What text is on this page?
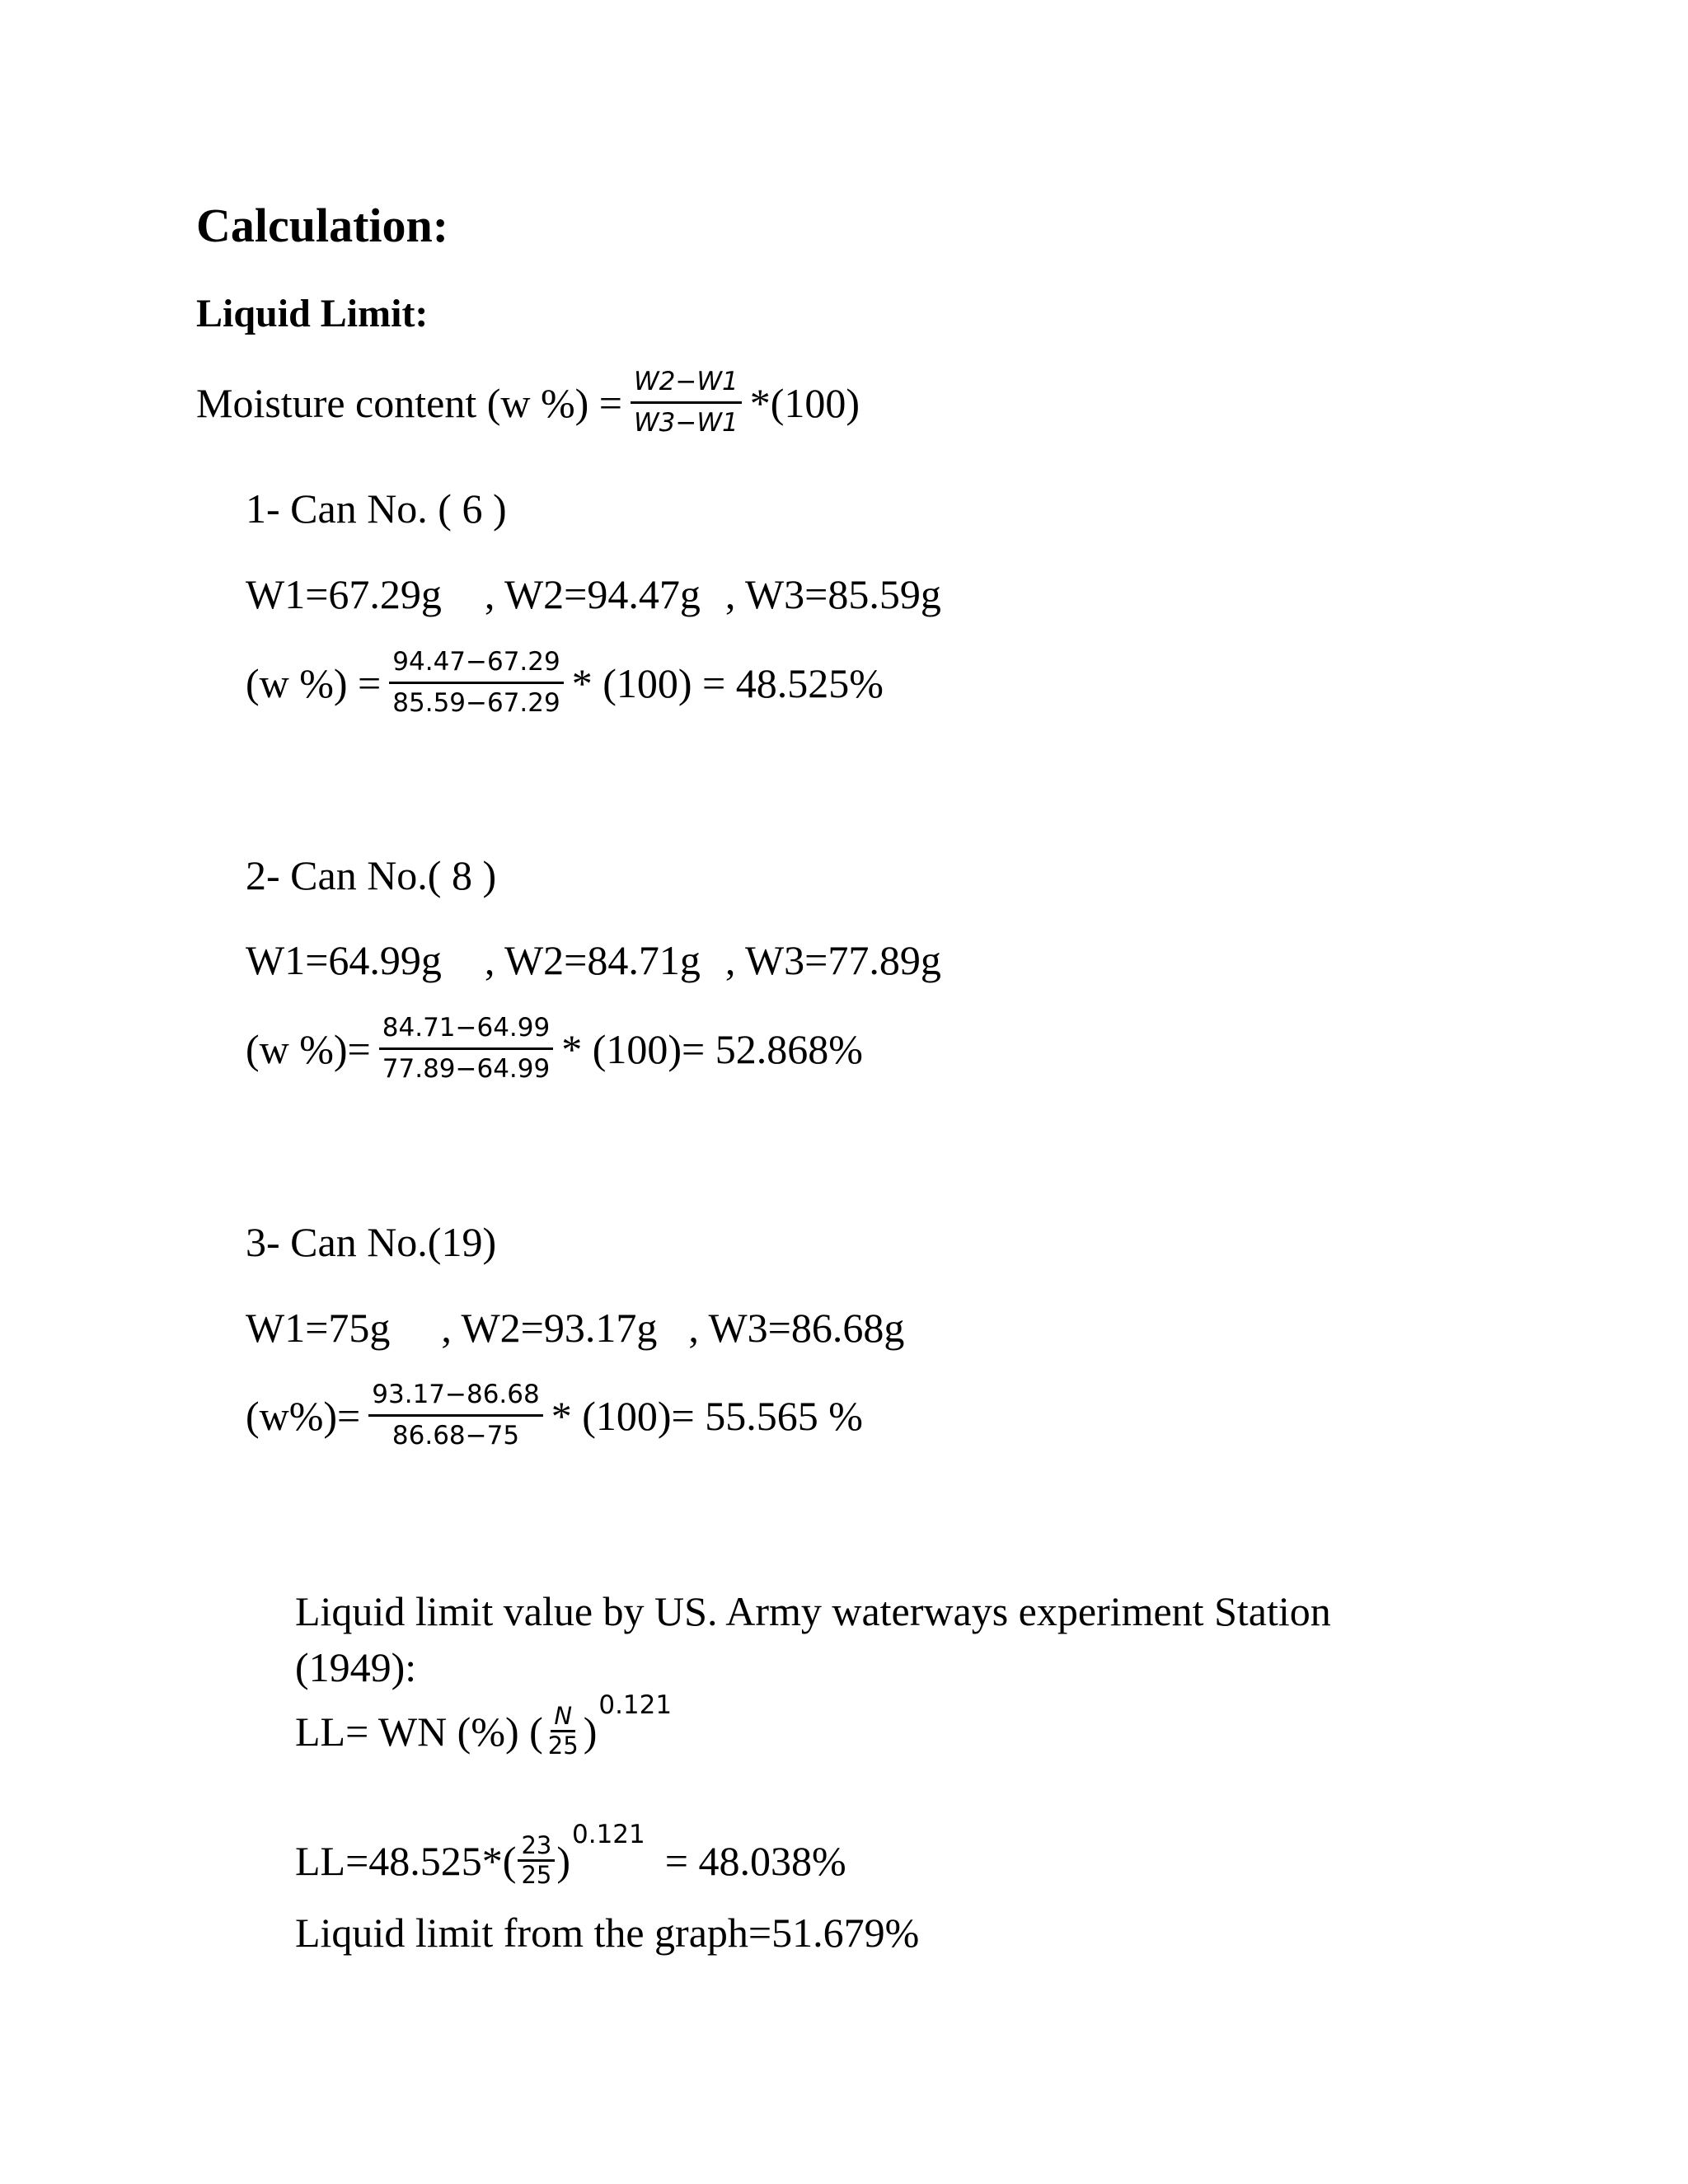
Calculation:
Liquid Limit:
Moisture content (w %) = $\frac{W2-W1}{W3-W1} *(100)$
1- Can No. ( 6 )
W1=67.29g , W2=94.47g , W3=85.59g
(w %) = $\frac{94.47-67.29}{85.59-67.29} * (100) = 48.525\%$
2- Can No.( 8 )
W1=64.99g , W2=84.71g , W3=77.89g
(w %)= $\frac{84.71-64.99}{77.89-64.99} * (100)= 52.868\%$
3- Can No.(19)
W1=75g , W2=93.17g , W3=86.68g
$(w\%)= \frac{93.17-86.68}{86.68-75} * (100)= 55.565$ %
Liquid limit value by US. Army waterways experiment Station
(1949):
LL= WN (%) ( $\frac{N}{25}$ )
0.121
$LL=48.525*( \frac{23}{25}$ )
0.121
= 48.038%
Liquid limit from the graph=51.679%
